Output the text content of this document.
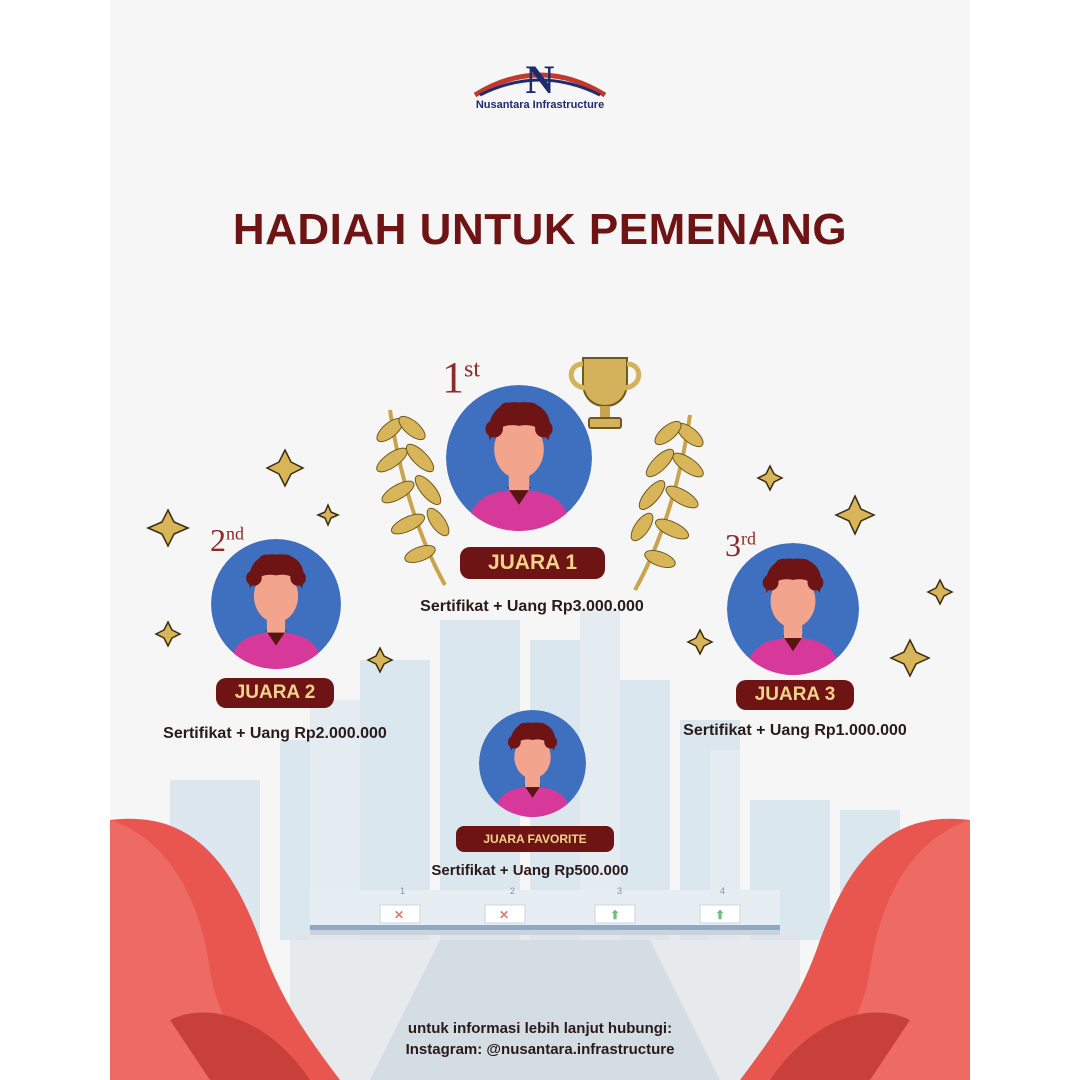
✕	✕	⬆	⬆
1	2	3	4
N
Nusantara Infrastructure
HADIAH UNTUK PEMENANG
1st
JUARA 1
Sertifikat + Uang Rp3.000.000
2nd
JUARA 2
Sertifikat + Uang Rp2.000.000
3rd
JUARA 3
Sertifikat + Uang Rp1.000.000
JUARA FAVORITE
Sertifikat + Uang Rp500.000
untuk informasi lebih lanjut hubungi:
Instagram: @nusantara.infrastructure
